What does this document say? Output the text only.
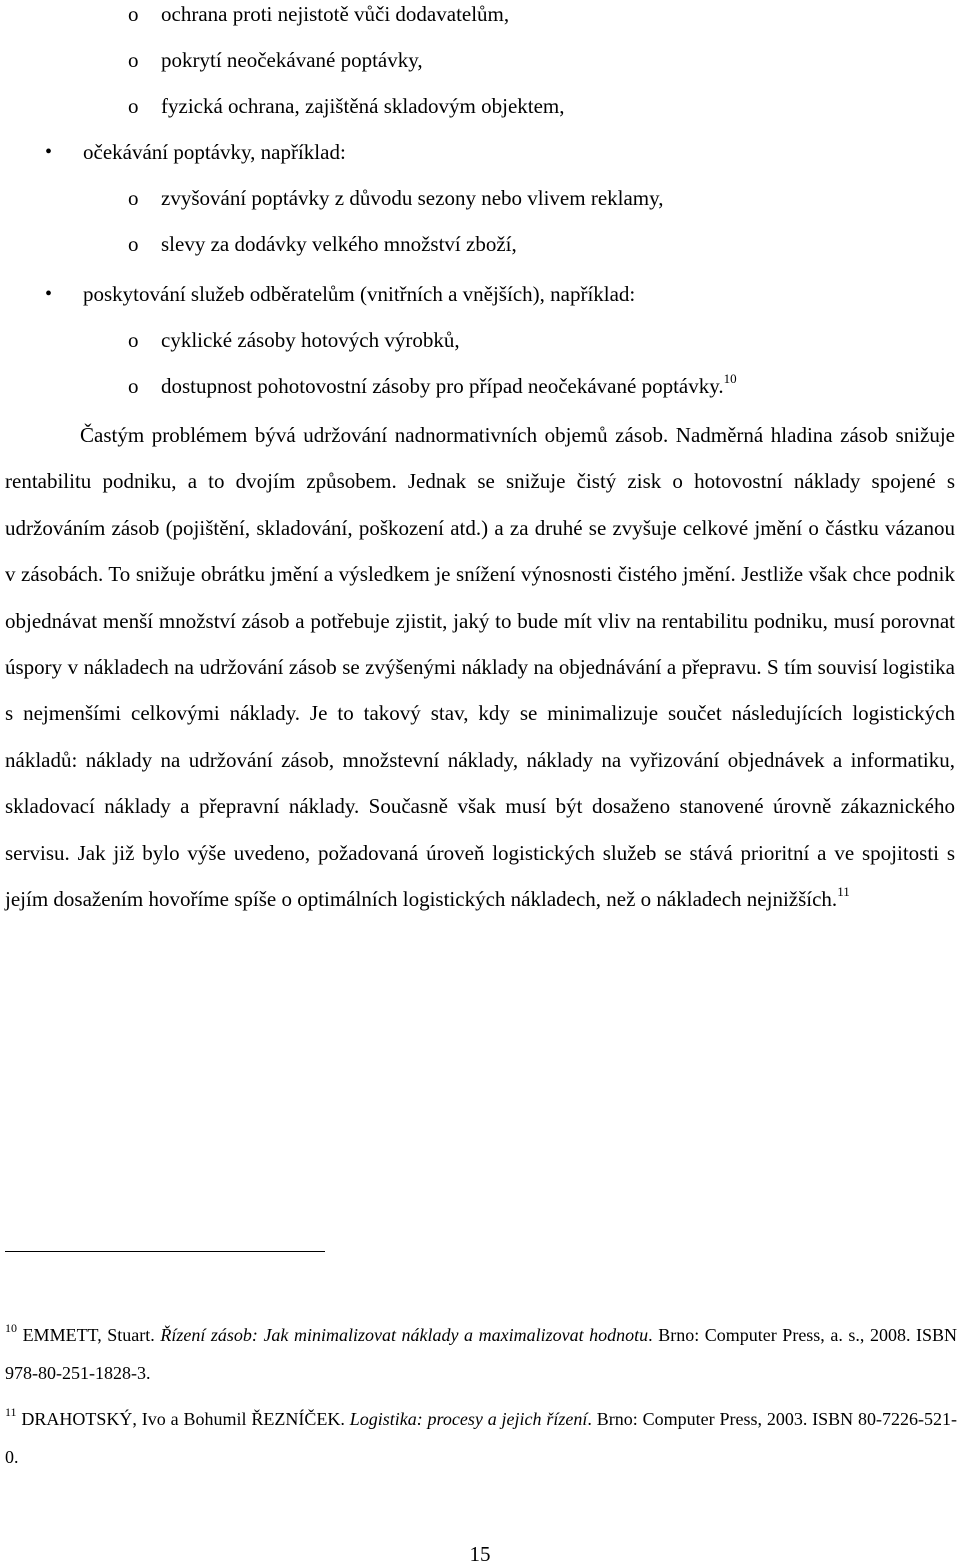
o ochrana proti nejistotě vůči dodavatelům,
o pokrytí neočekávané poptávky,
o fyzická ochrana, zajištěná skladovým objektem,
• očekávání poptávky, například:
o zvyšování poptávky z důvodu sezony nebo vlivem reklamy,
o slevy za dodávky velkého množství zboží,
• poskytování služeb odběratelům (vnitřních a vnějších), například:
o cyklické zásoby hotových výrobků,
o dostupnost pohotovostní zásoby pro případ neočekávané poptávky.$^{10}$

Častým problémem bývá udržování nadnormativních objemů zásob. Nadměrná hladina zásob snižuje rentabilitu podniku, a to dvojím způsobem. Jednak se snižuje čistý zisk o hotovostní náklady spojené s udržováním zásob (pojištění, skladování, poškození atd.) a za druhé se zvyšuje celkové jmění o částku vázanou v zásobách. To snižuje obrátku jmění a výsledkem je snížení výnosnosti čistého jmění. Jestliže však chce podnik objednávat menší množství zásob a potřebuje zjistit, jaký to bude mít vliv na rentabilitu podniku, musí porovnat úspory v nákladech na udržování zásob se zvýšenými náklady na objednávání a přepravu. S tím souvisí logistika s nejmenšími celkovými náklady. Je to takový stav, kdy se minimalizuje součet následujících logistických nákladů: náklady na udržování zásob, množstevní náklady, náklady na vyřizování objednávek a informatiku, skladovací náklady a přepravní náklady. Současně však musí být dosaženo stanovené úrovně zákaznického servisu. Jak již bylo výše uvedeno, požadovaná úroveň logistických služeb se stává prioritní a ve spojitosti s jejím dosažením hovoříme spíše o optimálních logistických nákladech, než o nákladech nejnižších.$^{11}$

$^{10}$ EMMETT, Stuart. Řízení zásob: Jak minimalizovat náklady a maximalizovat hodnotu. Brno: Computer Press, a. s., 2008. ISBN 978-80-251-1828-3.

$^{11}$ DRAHOTSKÝ, Ivo a Bohumil ŘEZNÍČEK. Logistika: procesy a jejich řízení. Brno: Computer Press, 2003. ISBN 80-7226-521-0.

15
